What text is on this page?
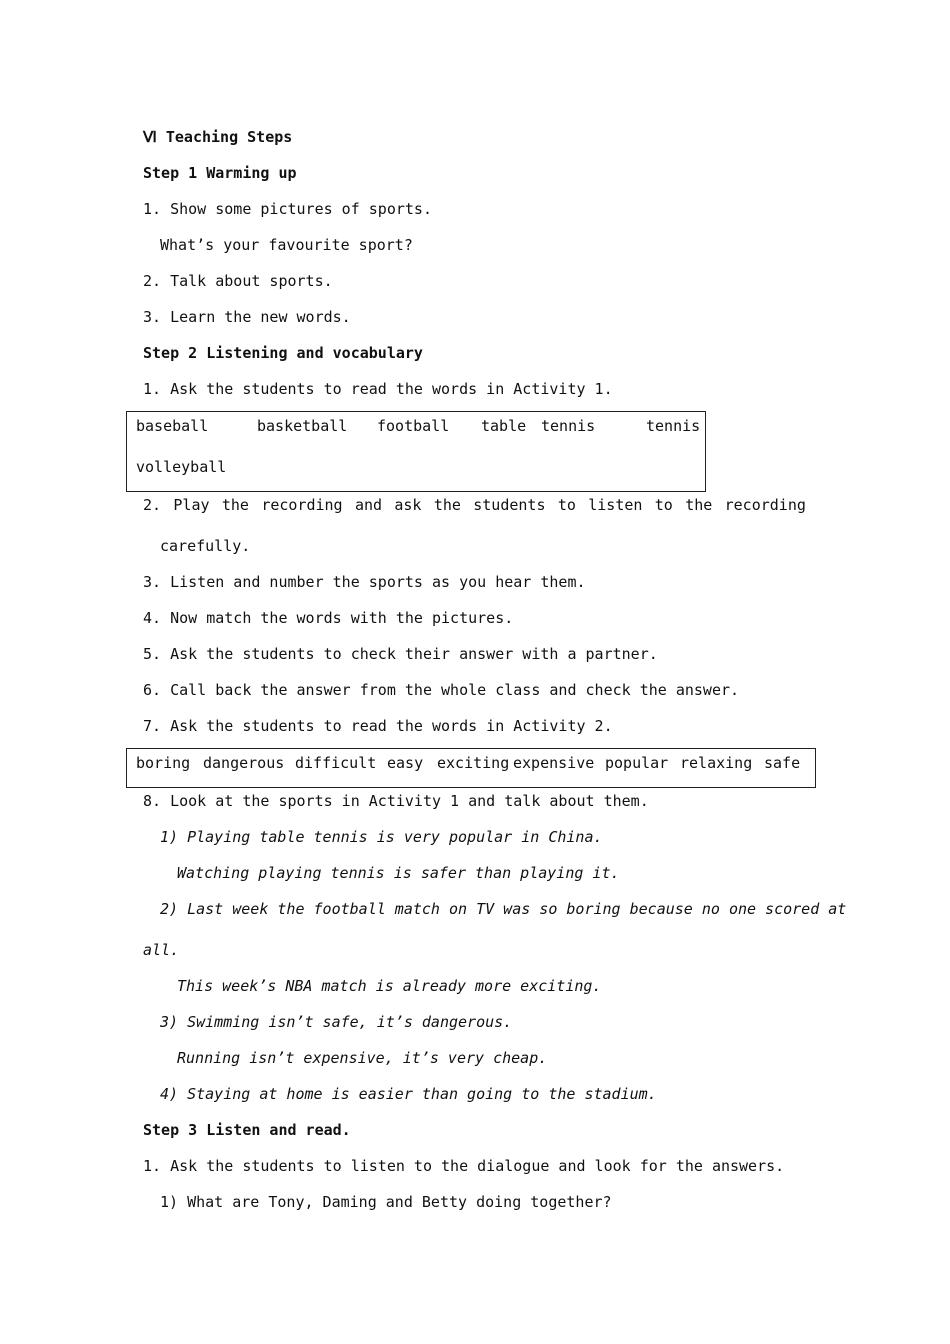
Ⅵ Teaching Steps
Step 1 Warming up
1. Show some pictures of sports.
What’s your favourite sport?
2. Talk about sports.
3. Learn the new words.
Step 2 Listening and vocabulary
1. Ask the students to read the words in Activity 1.
baseball	basketball football table tennis	tennis
volleyball
2. Play the recording and ask the students to listen to the recording
carefully.
3. Listen and number the sports as you hear them.
4. Now match the words with the pictures.
5. Ask the students to check their answer with a partner.
6. Call back the answer from the whole class and check the answer.
7. Ask the students to read the words in Activity 2.
boring dangerous difficult easy exciting expensive popular relaxing safe
8. Look at the sports in Activity 1 and talk about them.
1) Playing table tennis is very popular in China.
Watching playing tennis is safer than playing it.
2) Last week the football match on TV was so boring because no one scored at
all.
This week’s NBA match is already more exciting.
3) Swimming isn’t safe, it’s dangerous.
Running isn’t expensive, it’s very cheap.
4) Staying at home is easier than going to the stadium.
Step 3 Listen and read.
1. Ask the students to listen to the dialogue and look for the answers.
1) What are Tony, Daming and Betty doing together?
